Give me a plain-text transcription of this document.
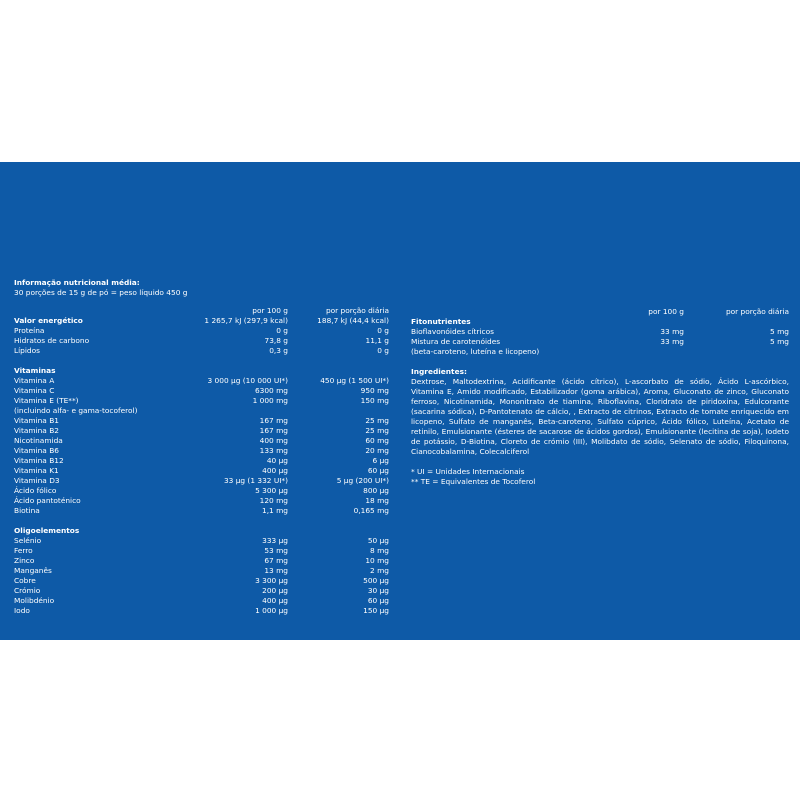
Informação nutricional média:
30 porções de 15 g de pó = peso líquido 450 g
por 100 g	por porção diária
Valor energético	1 265,7 kJ (297,9 kcal)	188,7 kJ (44,4 kcal)
Proteína	0 g	0 g
Hidratos de carbono	73,8 g	11,1 g
Lípidos	0,3 g	0 g
Vitaminas
Vitamina A	3 000 µg (10 000 UI*)	450 µg (1 500 UI*)
Vitamina C	6300 mg	950 mg
Vitamina E (TE**)	1 000 mg	150 mg
(incluindo alfa- e gama-tocoferol)
Vitamina B1	167 mg	25 mg
Vitamina B2	167 mg	25 mg
Nicotinamida	400 mg	60 mg
Vitamina B6	133 mg	20 mg
Vitamina B12	40 µg	6 µg
Vitamina K1	400 µg	60 µg
Vitamina D3	33 µg (1 332 UI*)	5 µg (200 UI*)
Ácido fólico	5 300 µg	800 µg
Ácido pantoténico	120 mg	18 mg
Biotina	1,1 mg	0,165 mg
Oligoelementos
Selénio	333 µg	50 µg
Ferro	53 mg	8 mg
Zinco	67 mg	10 mg
Manganês	13 mg	2 mg
Cobre	3 300 µg	500 µg
Crómio	200 µg	30 µg
Molibdénio	400 µg	60 µg
Iodo	1 000 µg	150 µg
por 100 g	por porção diária
Fitonutrientes
Bioflavonóides cítricos	33 mg	5 mg
Mistura de carotenóides	33 mg	5 mg
(beta-caroteno, luteína e licopeno)
Ingredientes:
Dextrose, Maltodextrina, Acidificante (ácido cítrico), L-ascorbato de sódio, Ácido L-ascórbico, Vitamina E, Amido modificado, Estabilizador (goma arábica), Aroma, Gluconato de zinco, Gluconato ferroso, Nicotinamida, Mononitrato de tiamina, Riboflavina, Cloridrato de piridoxina, Edulcorante (sacarina sódica), D-Pantotenato de cálcio, , Extracto de citrinos, Extracto de tomate enriquecido em licopeno, Sulfato de manganês, Beta-caroteno, Sulfato cúprico, Ácido fólico, Luteína, Acetato de retinilo, Emulsionante (ésteres de sacarose de ácidos gordos), Emulsionante (lecitina de soja), Iodeto de potássio, D-Biotina, Cloreto de crómio (III), Molibdato de sódio, Selenato de sódio, Filoquinona, Cianocobalamina, Colecalciferol
* UI = Unidades Internacionais
** TE = Equivalentes de Tocoferol
